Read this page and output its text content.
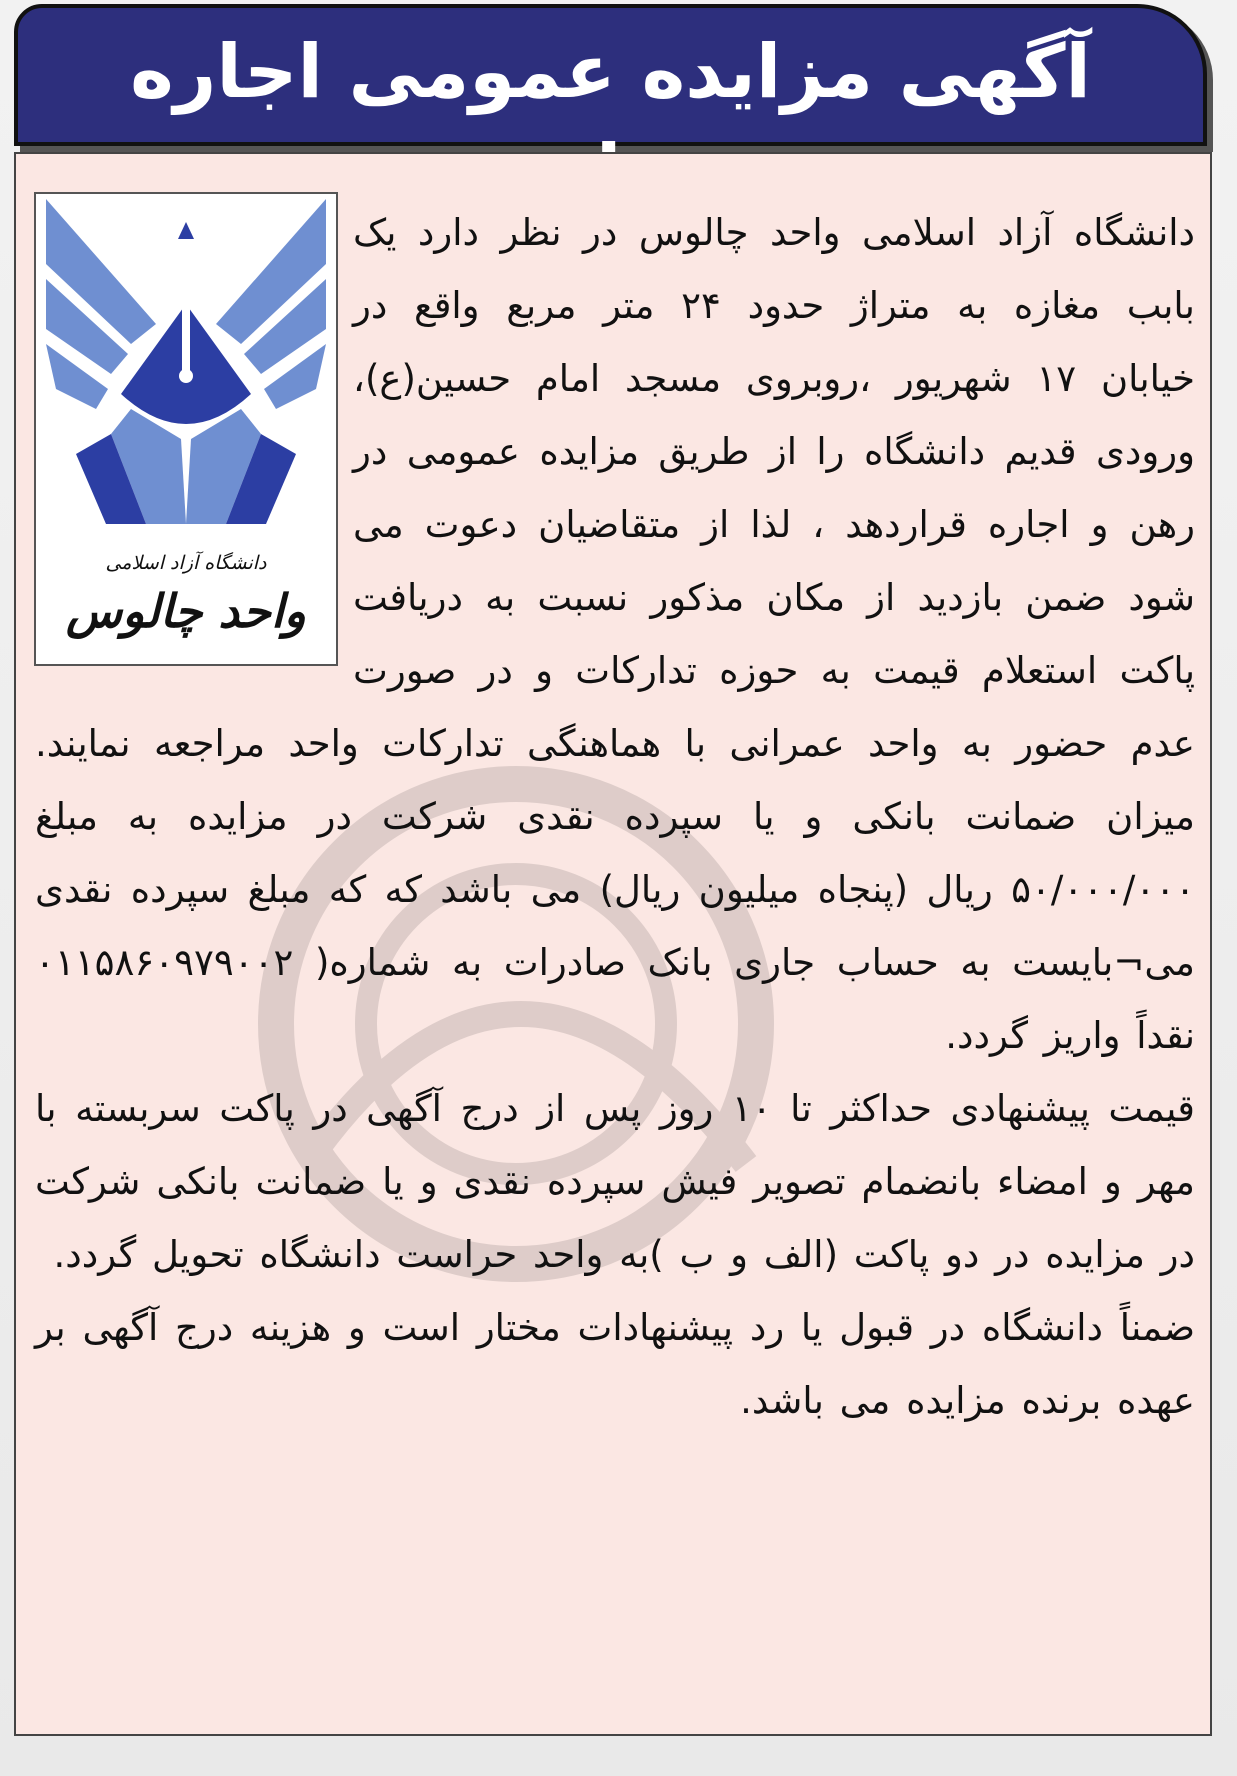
آگهی مزایده عمومی اجاره
دانشگاه آزاد اسلامی
واحد چالوس

دانشگاه آزاد اسلامی واحد چالوس در نظر دارد یک بابب مغازه به متراژ حدود ۲۴ متر مربع واقع در خیابان ۱۷ شهریور ،روبروی مسجد امام حسین(ع)، ورودی قدیم دانشگاه را از طریق مزایده عمومی در رهن و اجاره قراردهد ، لذا از متقاضیان دعوت می شود ضمن بازدید از مکان مذکور نسبت به دریافت پاکت استعلام قیمت به حوزه تدارکات و در صورت عدم حضور به واحد عمرانی با هماهنگی تدارکات واحد مراجعه نمایند. میزان ضمانت بانکی و یا سپرده نقدی شرکت در مزایده به مبلغ ۵۰/۰۰۰/۰۰۰ ریال (پنجاه میلیون ریال) می باشد که که مبلغ سپرده نقدی می¬بایست به حساب جاری بانک صادرات به شماره( ۰۱۱۵۸۶۰۹۷۹۰۰۲ نقداً واریز گردد.

قیمت پیشنهادی حداکثر تا ۱۰ روز پس از درج آگهی در پاکت سربسته با مهر و امضاء بانضمام تصویر فیش سپرده نقدی و یا ضمانت بانکی شرکت در مزایده در دو پاکت (الف و ب )به واحد حراست دانشگاه تحویل گردد.

ضمناً دانشگاه در قبول یا رد پیشنهادات مختار است و هزینه درج آگهی بر عهده برنده مزایده می باشد.
